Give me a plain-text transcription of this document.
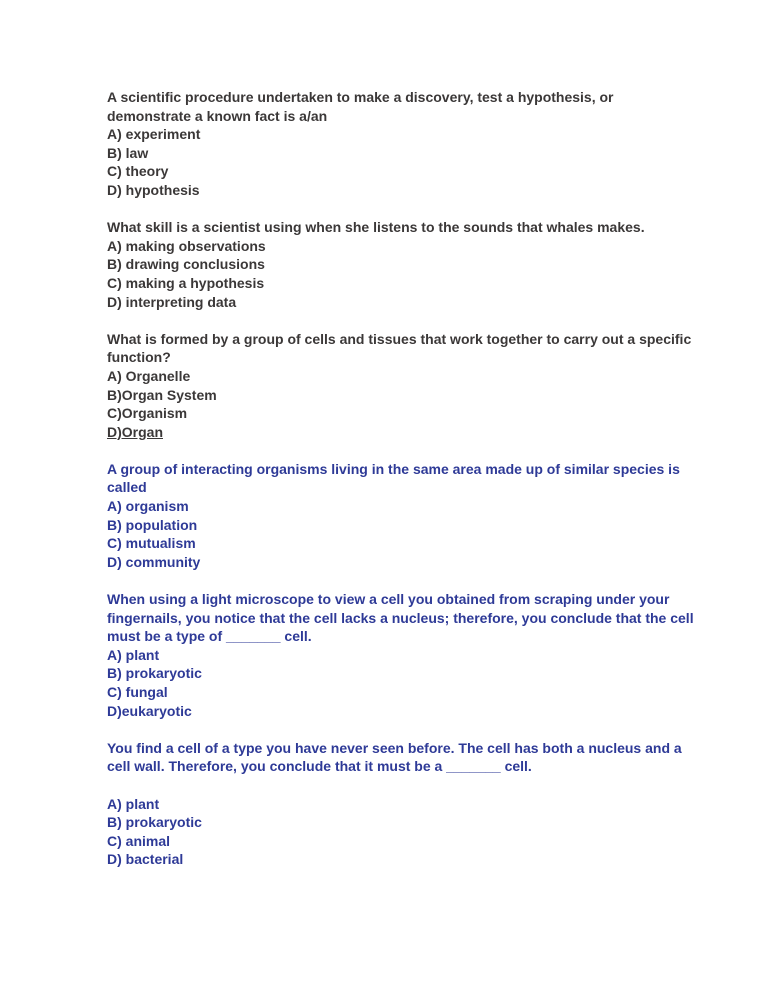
A scientific procedure undertaken to make a discovery, test a hypothesis, or
demonstrate a known fact is a/an
A) experiment
B) law
C) theory
D) hypothesis
What skill is a scientist using when she listens to the sounds that whales makes.
A) making observations
B) drawing conclusions
C) making a hypothesis
D) interpreting data
What is formed by a group of cells and tissues that work together to carry out a specific
function?
A) Organelle
B)Organ System
C)Organism
D)Organ
A group of interacting organisms living in the same area made up of similar species is
called
A) organism
B) population
C) mutualism
D) community
When using a light microscope to view a cell you obtained from scraping under your
fingernails, you notice that the cell lacks a nucleus; therefore, you conclude that the cell
must be a type of _______ cell.
A) plant
B) prokaryotic
C) fungal
D)eukaryotic
You find a cell of a type you have never seen before. The cell has both a nucleus and a
cell wall. Therefore, you conclude that it must be a _______ cell.
A) plant
B) prokaryotic
C) animal
D) bacterial
